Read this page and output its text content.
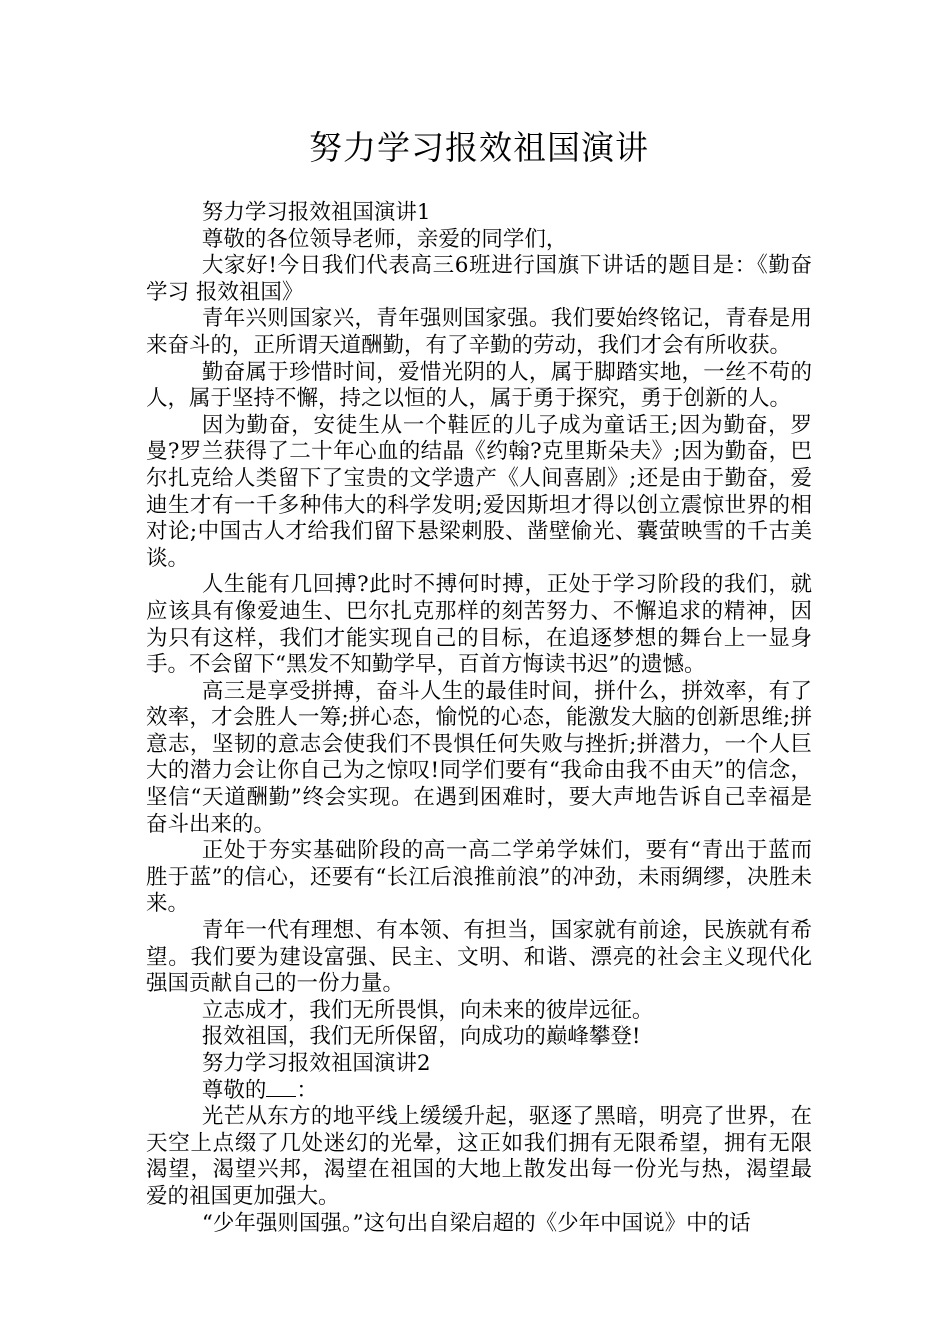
努力学习报效祖国演讲

努力学习报效祖国演讲1

尊敬的各位领导老师，亲爱的同学们，

大家好!今日我们代表高三6班进行国旗下讲话的题目是：《勤奋学习 报效祖国》

青年兴则国家兴，青年强则国家强。我们要始终铭记，青春是用来奋斗的，正所谓天道酬勤，有了辛勤的劳动，我们才会有所收获。

勤奋属于珍惜时间，爱惜光阴的人，属于脚踏实地，一丝不苟的人，属于坚持不懈，持之以恒的人，属于勇于探究，勇于创新的人。

因为勤奋，安徒生从一个鞋匠的儿子成为童话王;因为勤奋，罗曼?罗兰获得了二十年心血的结晶《约翰?克里斯朵夫》;因为勤奋，巴尔扎克给人类留下了宝贵的文学遗产《人间喜剧》;还是由于勤奋，爱迪生才有一千多种伟大的科学发明;爱因斯坦才得以创立震惊世界的相对论;中国古人才给我们留下悬梁刺股、凿壁偷光、囊萤映雪的千古美谈。

人生能有几回搏?此时不搏何时搏，正处于学习阶段的我们，就应该具有像爱迪生、巴尔扎克那样的刻苦努力、不懈追求的精神，因为只有这样，我们才能实现自己的目标，在追逐梦想的舞台上一显身手。不会留下“黑发不知勤学早，百首方悔读书迟”的遗憾。

高三是享受拼搏，奋斗人生的最佳时间，拼什么，拼效率，有了效率，才会胜人一筹;拼心态，愉悦的心态，能激发大脑的创新思维;拼意志，坚韧的意志会使我们不畏惧任何失败与挫折;拼潜力，一个人巨大的潜力会让你自己为之惊叹!同学们要有“我命由我不由天”的信念，坚信“天道酬勤”终会实现。在遇到困难时，要大声地告诉自己幸福是奋斗出来的。

正处于夯实基础阶段的高一高二学弟学妹们，要有“青出于蓝而胜于蓝”的信心，还要有“长江后浪推前浪”的冲劲，未雨绸缪，决胜未来。

青年一代有理想、有本领、有担当，国家就有前途，民族就有希望。我们要为建设富强、民主、文明、和谐、漂亮的社会主义现代化强国贡献自己的一份力量。

立志成才，我们无所畏惧，向未来的彼岸远征。

报效祖国，我们无所保留，向成功的巅峰攀登!

努力学习报效祖国演讲2

尊敬的 ：

光芒从东方的地平线上缓缓升起，驱逐了黑暗，明亮了世界，在天空上点缀了几处迷幻的光晕，这正如我们拥有无限希望，拥有无限渴望，渴望兴邦，渴望在祖国的大地上散发出每一份光与热，渴望最爱的祖国更加强大。

“少年强则国强。”这句出自梁启超的《少年中国说》中的话
